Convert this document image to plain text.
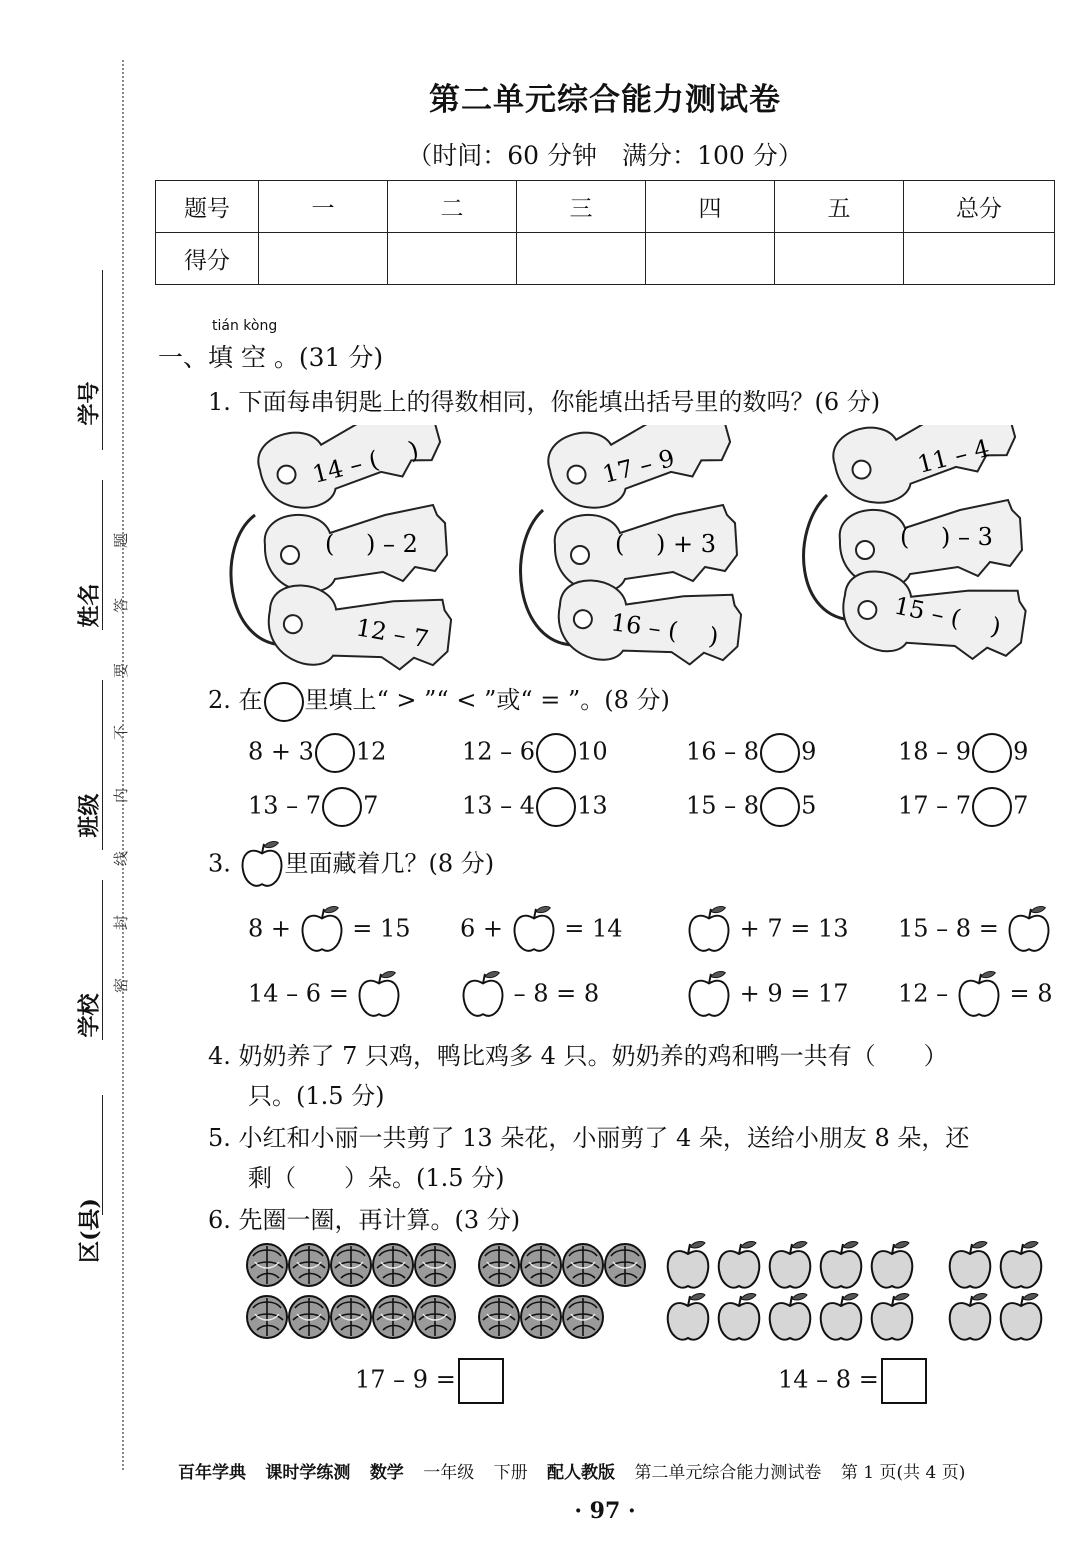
学号
姓名
班级
学校
区(县)
题
答
要
不
内
线
封
密
第二单元综合能力测试卷
（时间：60 分钟　满分：100 分）
题号	一	二	三	四	五	总分
得分						
tián kòng
一、填 空 。(31 分)
1. 下面每串钥匙上的得数相同，你能填出括号里的数吗？(6 分)
14 – (　 )
(　 ) – 2
12 – 7
17 – 9
(　 ) + 3
16 – (　 )
11 – 4
(　 ) – 3
15 – (　 )
2. 在 里填上“ > ”“ < ”或“ = ”。(8 分)
8 + 3 12	12 – 6 10	16 – 8 9	18 – 9 9
13 – 7 7	13 – 4 13	15 – 8 5	17 – 7 7
3. 里面藏着几？(8 分)
8 +	= 15 6 +	= 14	+ 7 = 13 15 – 8 =
14 – 6 =	– 8 = 8	+ 9 = 17 12 –	= 8
4. 奶奶养了 7 只鸡，鸭比鸡多 4 只。奶奶养的鸡和鸭一共有（　　）
只。(1.5 分)
5. 小红和小丽一共剪了 13 朵花，小丽剪了 4 朵，送给小朋友 8 朵，还
剩（　　）朵。(1.5 分)
6. 先圈一圈，再计算。(3 分)
17 – 9 =	14 – 8 =
百年学典 课时学练测 数学 一年级 下册 配人教版 第二单元综合能力测试卷 第 1 页(共 4 页)
· 97 ·
